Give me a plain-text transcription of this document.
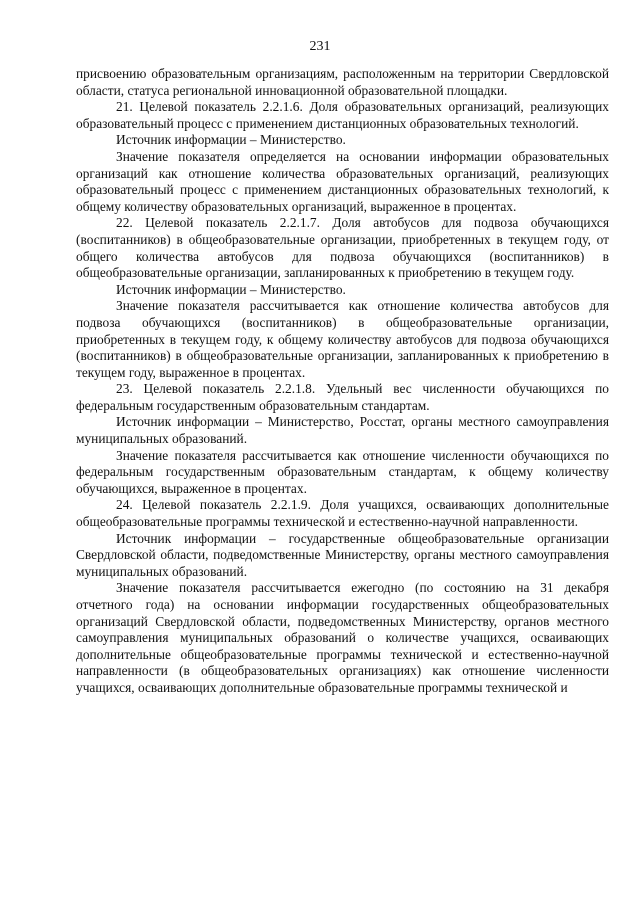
231

присвоению образовательным организациям, расположенным на территории Свердловской области, статуса региональной инновационной образовательной площадки.

21. Целевой показатель 2.2.1.6. Доля образовательных организаций, реализующих образовательный процесс с применением дистанционных образовательных технологий.

Источник информации – Министерство.

Значение показателя определяется на основании информации образовательных организаций как отношение количества образовательных организаций, реализующих образовательный процесс с применением дистанционных образовательных технологий, к общему количеству образовательных организаций, выраженное в процентах.

22. Целевой показатель 2.2.1.7. Доля автобусов для подвоза обучающихся (воспитанников) в общеобразовательные организации, приобретенных в текущем году, от общего количества автобусов для подвоза обучающихся (воспитанников) в общеобразовательные организации, запланированных к приобретению в текущем году.

Источник информации – Министерство.

Значение показателя рассчитывается как отношение количества автобусов для подвоза обучающихся (воспитанников) в общеобразовательные организации, приобретенных в текущем году, к общему количеству автобусов для подвоза обучающихся (воспитанников) в общеобразовательные организации, запланированных к приобретению в текущем году, выраженное в процентах.

23. Целевой показатель 2.2.1.8. Удельный вес численности обучающихся по федеральным государственным образовательным стандартам.

Источник информации – Министерство, Росстат, органы местного самоуправления муниципальных образований.

Значение показателя рассчитывается как отношение численности обучающихся по федеральным государственным образовательным стандартам, к общему количеству обучающихся, выраженное в процентах.

24. Целевой показатель 2.2.1.9. Доля учащихся, осваивающих дополнительные общеобразовательные программы технической и естественно-научной направленности.

Источник информации – государственные общеобразовательные организации Свердловской области, подведомственные Министерству, органы местного самоуправления муниципальных образований.

Значение показателя рассчитывается ежегодно (по состоянию на 31 декабря отчетного года) на основании информации государственных общеобразовательных организаций Свердловской области, подведомственных Министерству, органов местного самоуправления муниципальных образований о количестве учащихся, осваивающих дополнительные общеобразовательные программы технической и естественно-научной направленности (в общеобразовательных организациях) как отношение численности учащихся, осваивающих дополнительные образовательные программы технической и
